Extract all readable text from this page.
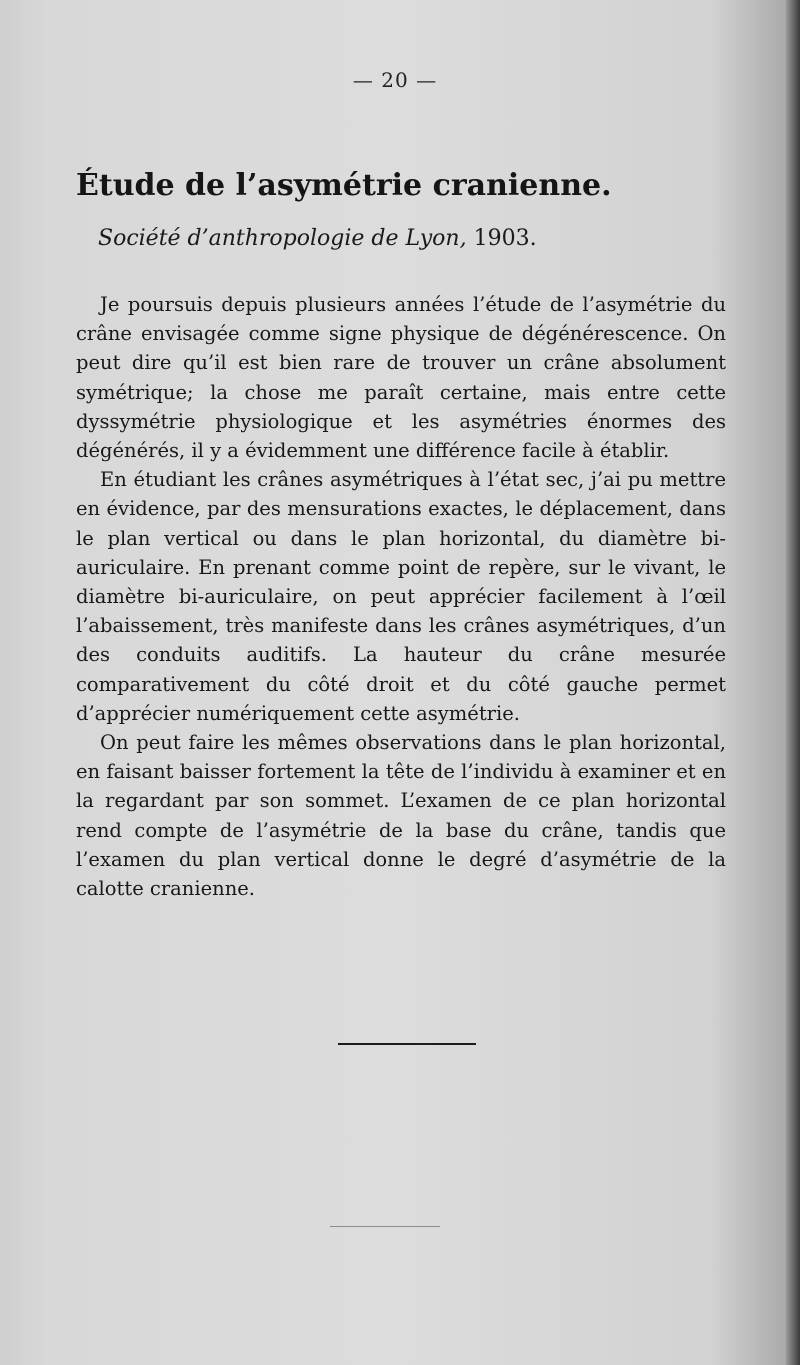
— 20 —
Étude de l’asymétrie cranienne.
Société d’anthropologie de Lyon, 1903.

Je poursuis depuis plusieurs années l’étude de l’asymétrie du crâne envisagée comme signe physique de dégénérescence. On peut dire qu’il est bien rare de trouver un crâne absolument symétrique; la chose me paraît certaine, mais entre cette dyssymétrie physiologique et les asymétries énormes des dégénérés, il y a évidemment une différence facile à établir.

En étudiant les crânes asymétriques à l’état sec, j’ai pu mettre en évidence, par des mensurations exactes, le déplacement, dans le plan vertical ou dans le plan horizontal, du diamètre bi-auriculaire. En prenant comme point de repère, sur le vivant, le diamètre bi-auriculaire, on peut apprécier facilement à l’œil l’abaissement, très manifeste dans les crânes asymétriques, d’un des conduits auditifs. La hauteur du crâne mesurée comparativement du côté droit et du côté gauche permet d’apprécier numériquement cette asymétrie.

On peut faire les mêmes observations dans le plan horizontal, en faisant baisser fortement la tête de l’individu à examiner et en la regardant par son sommet. L’examen de ce plan horizontal rend compte de l’asymétrie de la base du crâne, tandis que l’examen du plan vertical donne le degré d’asymétrie de la calotte cranienne.
